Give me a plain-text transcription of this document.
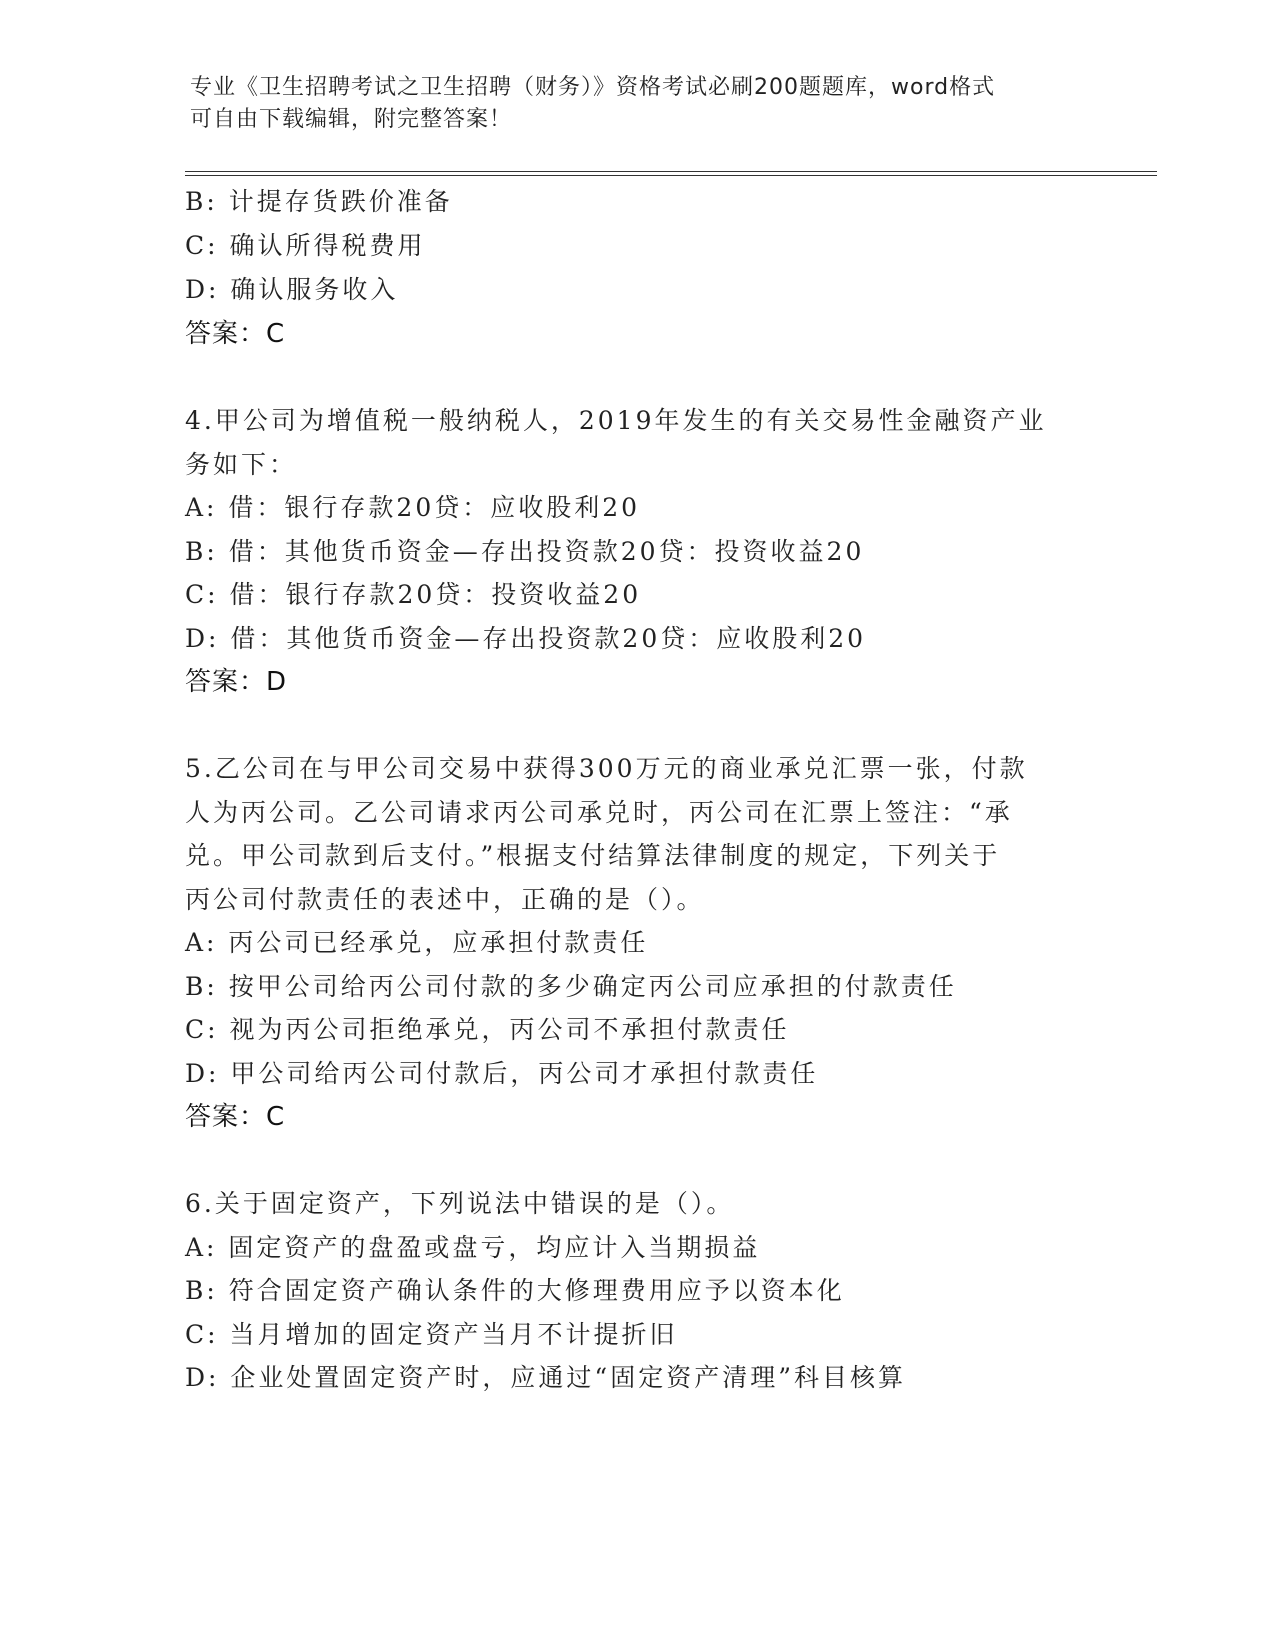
专业《卫生招聘考试之卫生招聘（财务）》资格考试必刷200题题库，word格式
可自由下载编辑，附完整答案！
B: 计提存货跌价准备
C: 确认所得税费用
D: 确认服务收入
答案：C
4.甲公司为增值税一般纳税人，2019年发生的有关交易性金融资产业
务如下：
A: 借：银行存款20贷：应收股利20
B: 借：其他货币资金—存出投资款20贷：投资收益20
C: 借：银行存款20贷：投资收益20
D: 借：其他货币资金—存出投资款20贷：应收股利20
答案：D
5.乙公司在与甲公司交易中获得300万元的商业承兑汇票一张，付款
人为丙公司。乙公司请求丙公司承兑时，丙公司在汇票上签注：“承
兑。甲公司款到后支付。”根据支付结算法律制度的规定，下列关于
丙公司付款责任的表述中，正确的是（）。
A: 丙公司已经承兑，应承担付款责任
B: 按甲公司给丙公司付款的多少确定丙公司应承担的付款责任
C: 视为丙公司拒绝承兑，丙公司不承担付款责任
D: 甲公司给丙公司付款后，丙公司才承担付款责任
答案：C
6.关于固定资产，下列说法中错误的是（）。
A: 固定资产的盘盈或盘亏，均应计入当期损益
B: 符合固定资产确认条件的大修理费用应予以资本化
C: 当月增加的固定资产当月不计提折旧
D: 企业处置固定资产时，应通过“固定资产清理”科目核算
